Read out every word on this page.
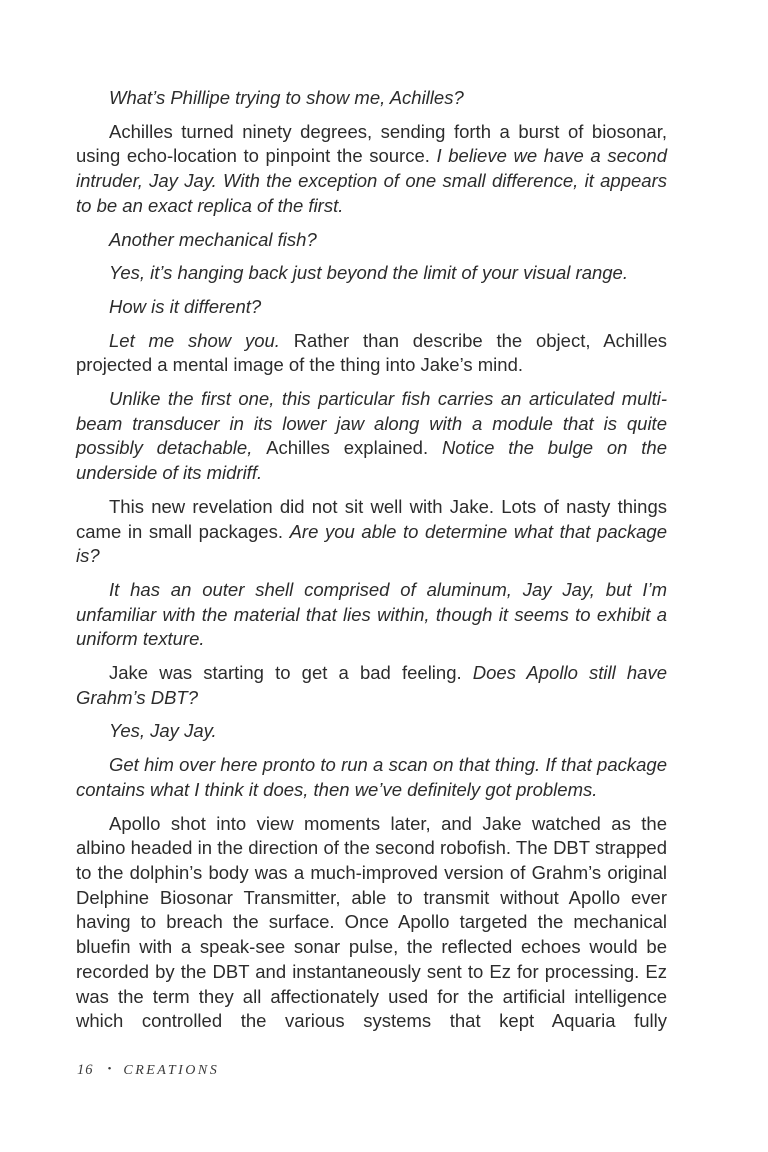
What’s Phillipe trying to show me, Achilles?

Achilles turned ninety degrees, sending forth a burst of biosonar, using echo-location to pinpoint the source. I believe we have a second intruder, Jay Jay. With the exception of one small difference, it appears to be an exact replica of the first.

Another mechanical fish?

Yes, it’s hanging back just beyond the limit of your visual range.

How is it different?

Let me show you. Rather than describe the object, Achilles projected a mental image of the thing into Jake’s mind.

Unlike the first one, this particular fish carries an articulated multi-beam transducer in its lower jaw along with a module that is quite possibly detachable, Achilles explained. Notice the bulge on the underside of its midriff.

This new revelation did not sit well with Jake. Lots of nasty things came in small packages. Are you able to determine what that package is?

It has an outer shell comprised of aluminum, Jay Jay, but I’m unfamiliar with the material that lies within, though it seems to exhibit a uniform texture.

Jake was starting to get a bad feeling. Does Apollo still have Grahm’s DBT?

Yes, Jay Jay.

Get him over here pronto to run a scan on that thing. If that package contains what I think it does, then we’ve definitely got problems.

Apollo shot into view moments later, and Jake watched as the albino headed in the direction of the second robofish. The DBT strapped to the dolphin’s body was a much-improved version of Grahm’s original Delphine Biosonar Transmitter, able to transmit without Apollo ever having to breach the surface. Once Apollo targeted the mechanical bluefin with a speak-see sonar pulse, the reflected echoes would be recorded by the DBT and instantaneously sent to Ez for processing. Ez was the term they all affectionately used for the artificial intelligence which controlled the various systems that kept Aquaria fully

16 • CREATIONS
